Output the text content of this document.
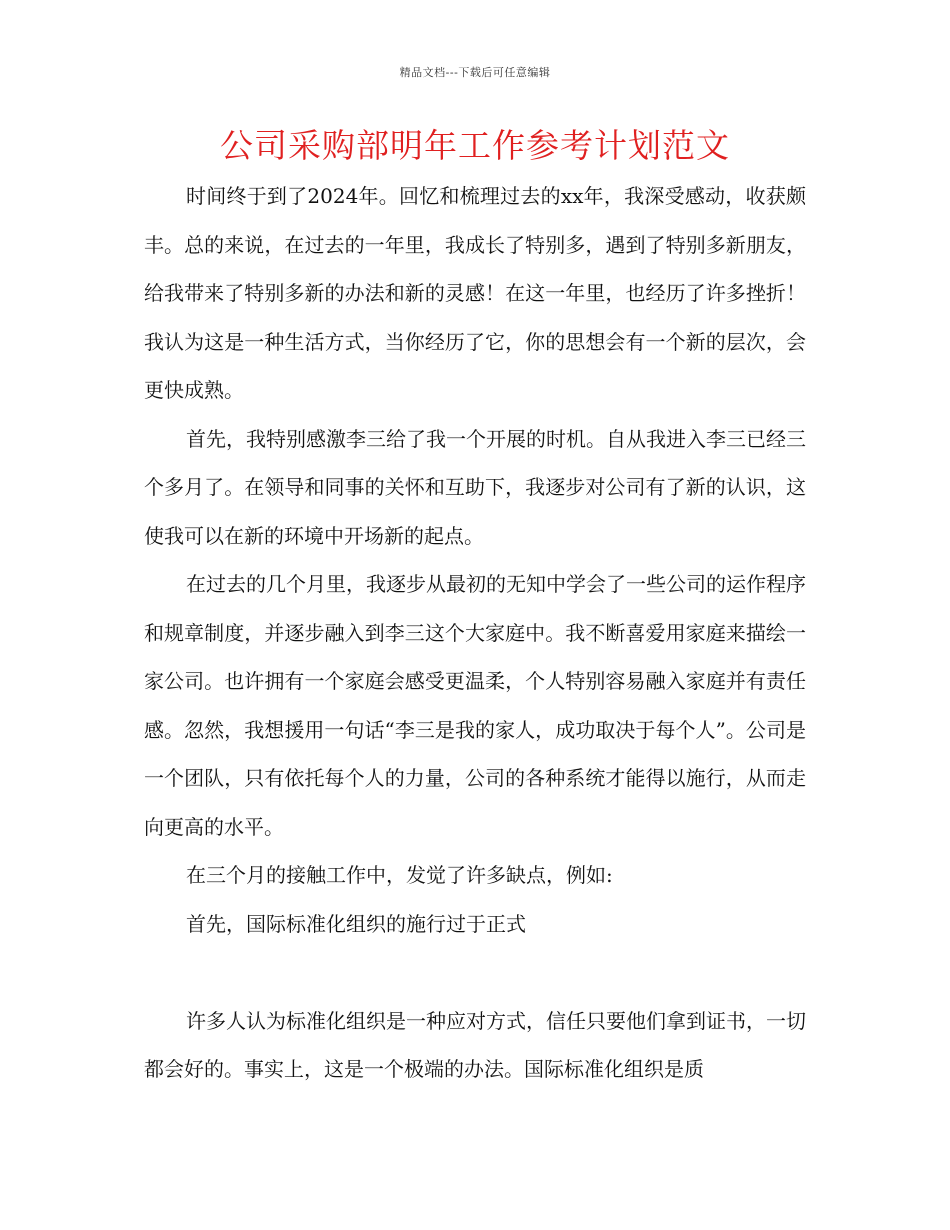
精品文档---下载后可任意编辑
公司采购部明年工作参考计划范文

时间终于到了2024年。回忆和梳理过去的xx年，我深受感动，收获颇丰。总的来说，在过去的一年里，我成长了特别多，遇到了特别多新朋友，给我带来了特别多新的办法和新的灵感！在这一年里，也经历了许多挫折！我认为这是一种生活方式，当你经历了它，你的思想会有一个新的层次，会更快成熟。

首先，我特别感激李三给了我一个开展的时机。自从我进入李三已经三个多月了。在领导和同事的关怀和互助下，我逐步对公司有了新的认识，这使我可以在新的环境中开场新的起点。

在过去的几个月里，我逐步从最初的无知中学会了一些公司的运作程序和规章制度，并逐步融入到李三这个大家庭中。我不断喜爱用家庭来描绘一家公司。也许拥有一个家庭会感受更温柔，个人特别容易融入家庭并有责任感。忽然，我想援用一句话“李三是我的家人，成功取决于每个人”。公司是一个团队，只有依托每个人的力量，公司的各种系统才能得以施行，从而走向更高的水平。

在三个月的接触工作中，发觉了许多缺点，例如:

首先，国际标准化组织的施行过于正式

许多人认为标准化组织是一种应对方式，信任只要他们拿到证书，一切都会好的。事实上，这是一个极端的办法。国际标准化组织是质
